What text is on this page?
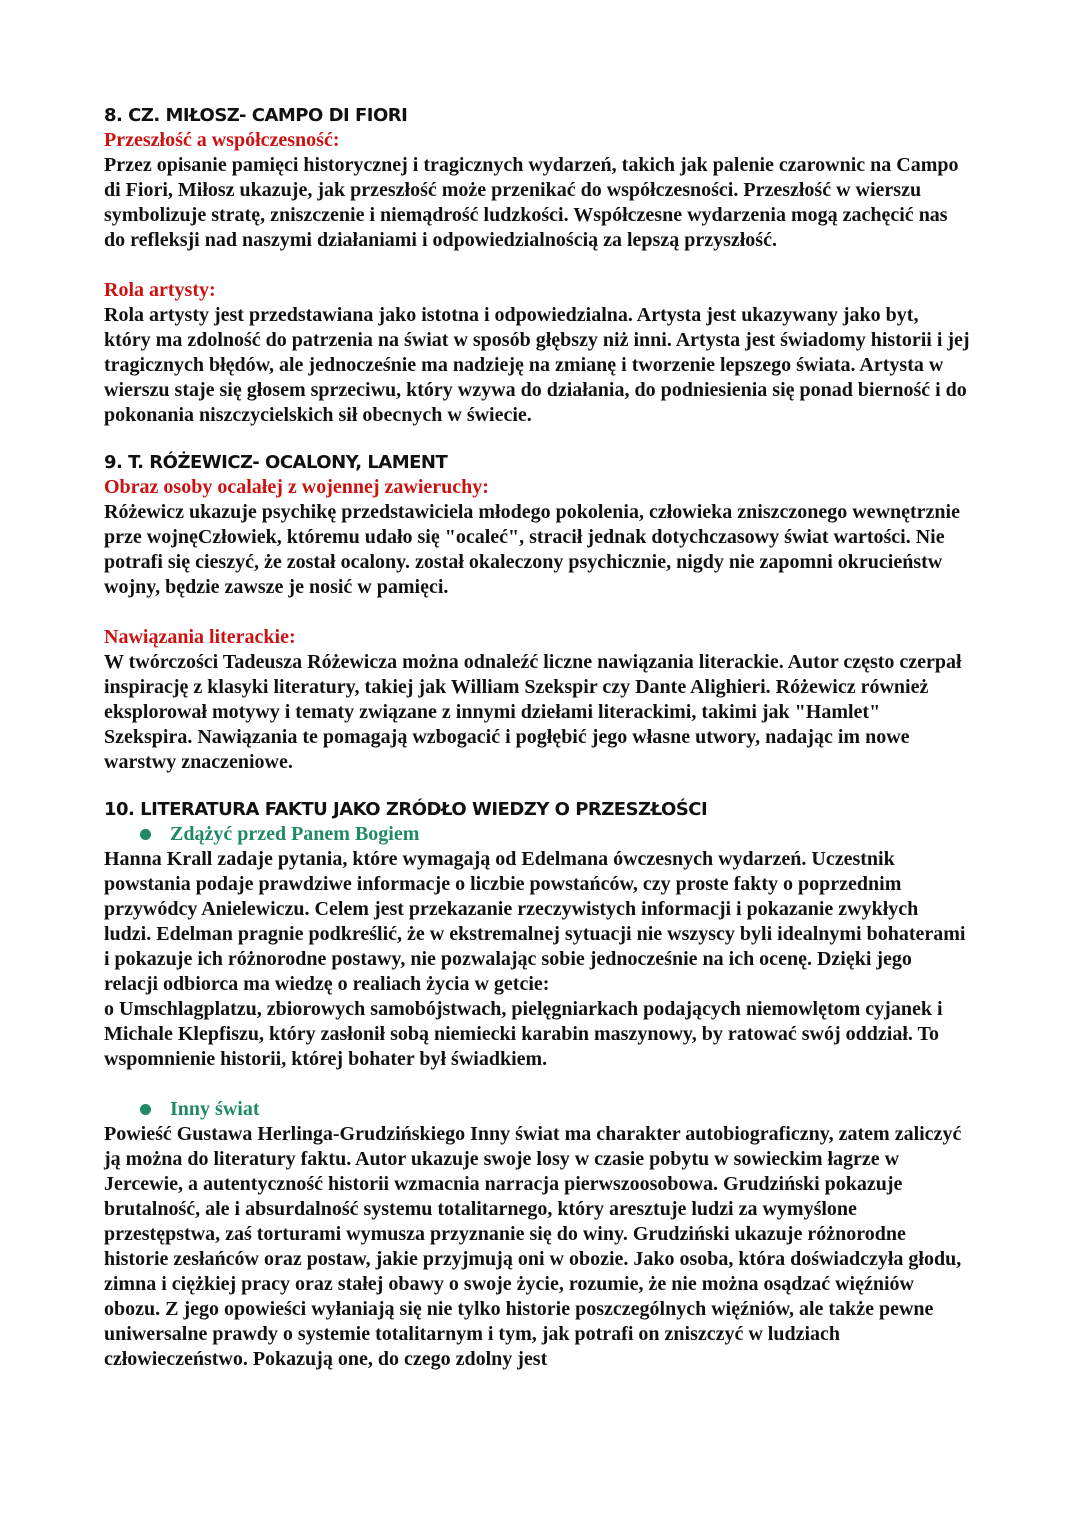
8. CZ. MIŁOSZ- CAMPO DI FIORI

Przeszłość a współczesność:

Przez opisanie pamięci historycznej i tragicznych wydarzeń, takich jak palenie czarownic na Campo di Fiori, Miłosz ukazuje, jak przeszłość może przenikać do współczesności. Przeszłość w wierszu symbolizuje stratę, zniszczenie i niemądrość ludzkości. Współczesne wydarzenia mogą zachęcić nas do refleksji nad naszymi działaniami i odpowiedzialnością za lepszą przyszłość.

Rola artysty:

Rola artysty jest przedstawiana jako istotna i odpowiedzialna. Artysta jest ukazywany jako byt, który ma zdolność do patrzenia na świat w sposób głębszy niż inni. Artysta jest świadomy historii i jej tragicznych błędów, ale jednocześnie ma nadzieję na zmianę i tworzenie lepszego świata. Artysta w wierszu staje się głosem sprzeciwu, który wzywa do działania, do podniesienia się ponad bierność i do pokonania niszczycielskich sił obecnych w świecie.

9. T. RÓŻEWICZ- OCALONY, LAMENT

Obraz osoby ocalałej z wojennej zawieruchy:

Różewicz ukazuje psychikę przedstawiciela młodego pokolenia, człowieka zniszczonego wewnętrznie prze wojnęCzłowiek, któremu udało się "ocaleć", stracił jednak dotychczasowy świat wartości. Nie potrafi się cieszyć, że został ocalony. został okaleczony psychicznie, nigdy nie zapomni okrucieństw wojny, będzie zawsze je nosić w pamięci.

Nawiązania literackie:

W twórczości Tadeusza Różewicza można odnaleźć liczne nawiązania literackie. Autor często czerpał inspirację z klasyki literatury, takiej jak William Szekspir czy Dante Alighieri. Różewicz również eksplorował motywy i tematy związane z innymi dziełami literackimi, takimi jak "Hamlet" Szekspira. Nawiązania te pomagają wzbogacić i pogłębić jego własne utwory, nadając im nowe warstwy znaczeniowe.

10. LITERATURA FAKTU JAKO ZRÓDŁO WIEDZY O PRZESZŁOŚCI

Zdążyć przed Panem Bogiem

Hanna Krall zadaje pytania, które wymagają od Edelmana ówczesnych wydarzeń. Uczestnik powstania podaje prawdziwe informacje o liczbie powstańców, czy proste fakty o poprzednim przywódcy Anielewiczu. Celem jest przekazanie rzeczywistych informacji i pokazanie zwykłych ludzi. Edelman pragnie podkreślić, że w ekstremalnej sytuacji nie wszyscy byli idealnymi bohaterami i pokazuje ich różnorodne postawy, nie pozwalając sobie jednocześnie na ich ocenę. Dzięki jego relacji odbiorca ma wiedzę o realiach życia w getcie:

o Umschlagplatzu, zbiorowych samobójstwach, pielęgniarkach podających niemowlętom cyjanek i Michale Klepfiszu, który zasłonił sobą niemiecki karabin maszynowy, by ratować swój oddział. To wspomnienie historii, której bohater był świadkiem.

Inny świat

Powieść Gustawa Herlinga-Grudzińskiego Inny świat ma charakter autobiograficzny, zatem zaliczyć ją można do literatury faktu. Autor ukazuje swoje losy w czasie pobytu w sowieckim łagrze w Jercewie, a autentyczność historii wzmacnia narracja pierwszoosobowa. Grudziński pokazuje brutalność, ale i absurdalność systemu totalitarnego, który aresztuje ludzi za wymyślone przestępstwa, zaś torturami wymusza przyznanie się do winy. Grudziński ukazuje różnorodne historie zesłańców oraz postaw, jakie przyjmują oni w obozie. Jako osoba, która doświadczyła głodu, zimna i ciężkiej pracy oraz stałej obawy o swoje życie, rozumie, że nie można osądzać więźniów obozu. Z jego opowieści wyłaniają się nie tylko historie poszczególnych więźniów, ale także pewne uniwersalne prawdy o systemie totalitarnym i tym, jak potrafi on zniszczyć w ludziach człowieczeństwo. Pokazują one, do czego zdolny jest
